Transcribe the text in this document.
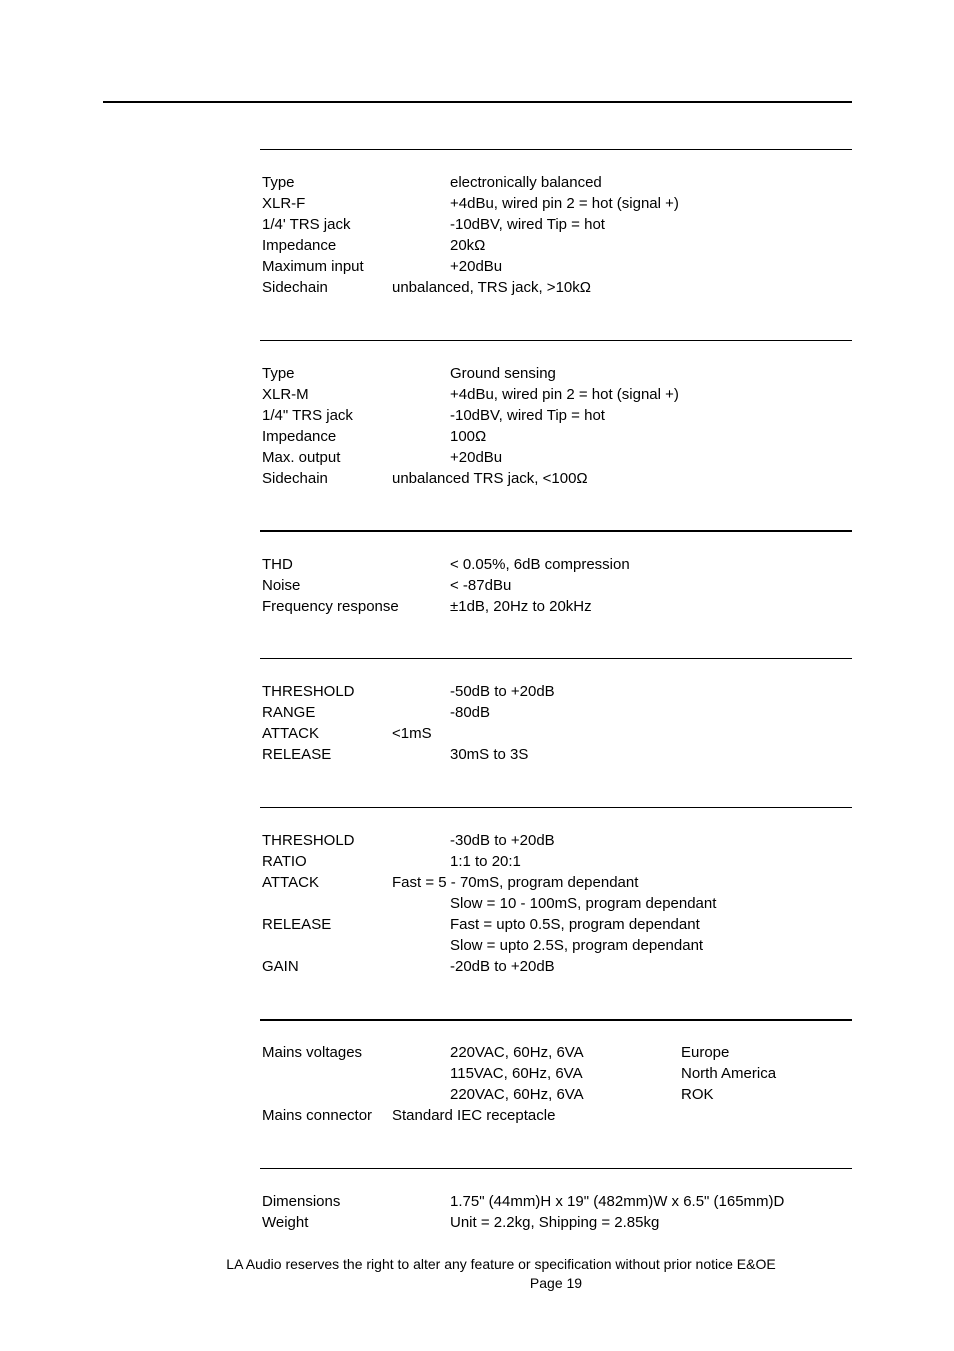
Type	electronically balanced
XLR-F	+4dBu, wired pin 2 = hot (signal +)
1/4' TRS jack	-10dBV, wired Tip = hot
Impedance	20kΩ
Maximum input	+20dBu
Sidechain	unbalanced, TRS jack, >10kΩ
Type	Ground sensing
XLR-M	+4dBu, wired pin 2 = hot (signal +)
1/4" TRS jack	-10dBV, wired Tip = hot
Impedance	100Ω
Max. output	+20dBu
Sidechain	unbalanced TRS jack, <100Ω
THD	< 0.05%, 6dB compression
Noise	< -87dBu
Frequency response	±1dB, 20Hz to 20kHz
THRESHOLD	-50dB to +20dB
RANGE	-80dB
ATTACK	<1mS
RELEASE	30mS to 3S
THRESHOLD	-30dB to +20dB
RATIO	1:1 to 20:1
ATTACK	Fast = 5 - 70mS, program dependant
Slow = 10 - 100mS, program dependant
RELEASE	Fast = upto 0.5S, program dependant
Slow = upto 2.5S, program dependant
GAIN	-20dB to +20dB
Mains voltages	220VAC, 60Hz, 6VA	Europe
115VAC, 60Hz, 6VA	North America
220VAC, 60Hz, 6VA	ROK
Mains connector Standard IEC receptacle
Dimensions	1.75" (44mm)H x 19" (482mm)W x 6.5" (165mm)D
Weight	Unit = 2.2kg, Shipping = 2.85kg
LA Audio reserves the right to alter any feature or specification without prior notice E&OE
Page 19
